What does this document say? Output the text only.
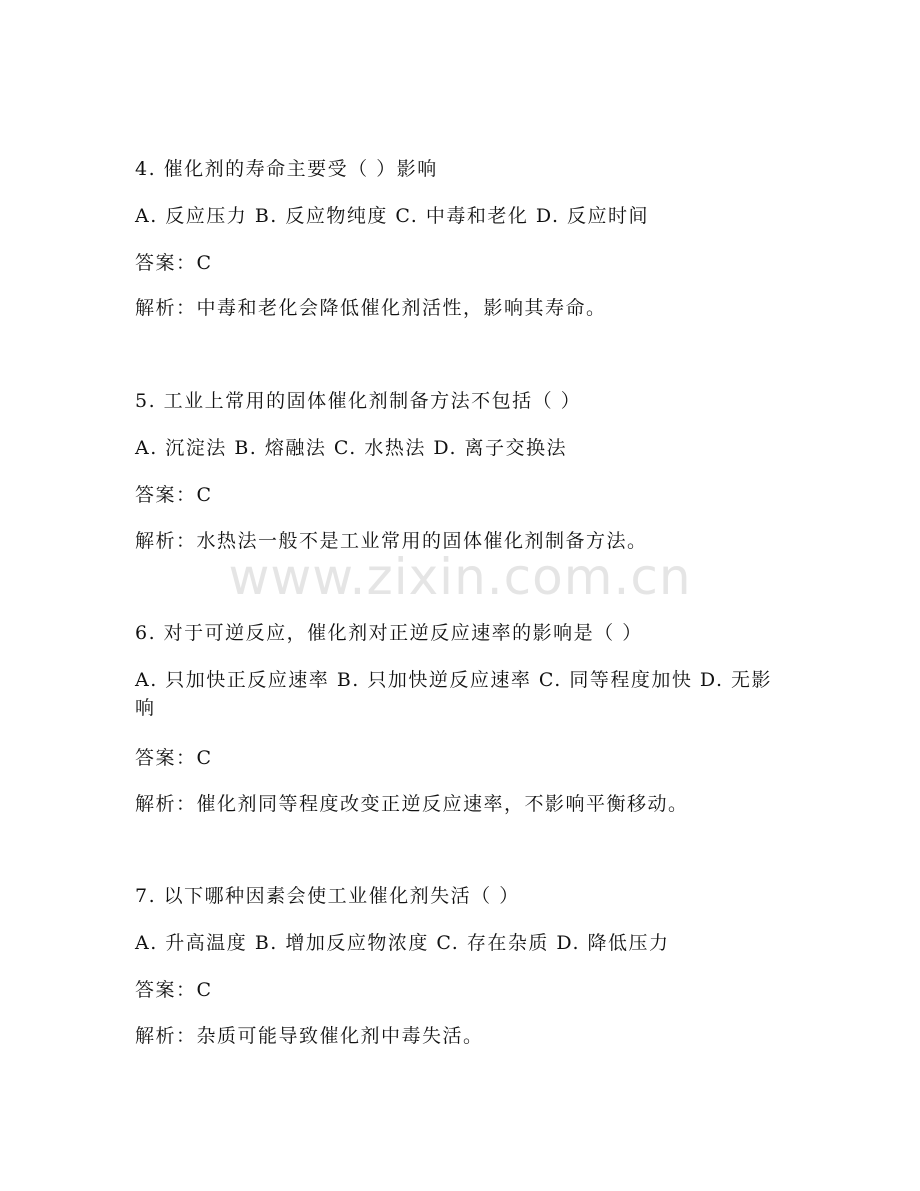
www.zixin.com.cn
4. 催化剂的寿命主要受（ ）影响
A. 反应压力 B. 反应物纯度 C. 中毒和老化 D. 反应时间
答案：C
解析：中毒和老化会降低催化剂活性，影响其寿命。
5. 工业上常用的固体催化剂制备方法不包括（ ）
A. 沉淀法 B. 熔融法 C. 水热法 D. 离子交换法
答案：C
解析：水热法一般不是工业常用的固体催化剂制备方法。
6. 对于可逆反应，催化剂对正逆反应速率的影响是（ ）
A. 只加快正反应速率 B. 只加快逆反应速率 C. 同等程度加快 D. 无影响
答案：C
解析：催化剂同等程度改变正逆反应速率，不影响平衡移动。
7. 以下哪种因素会使工业催化剂失活（ ）
A. 升高温度 B. 增加反应物浓度 C. 存在杂质 D. 降低压力
答案：C
解析：杂质可能导致催化剂中毒失活。
